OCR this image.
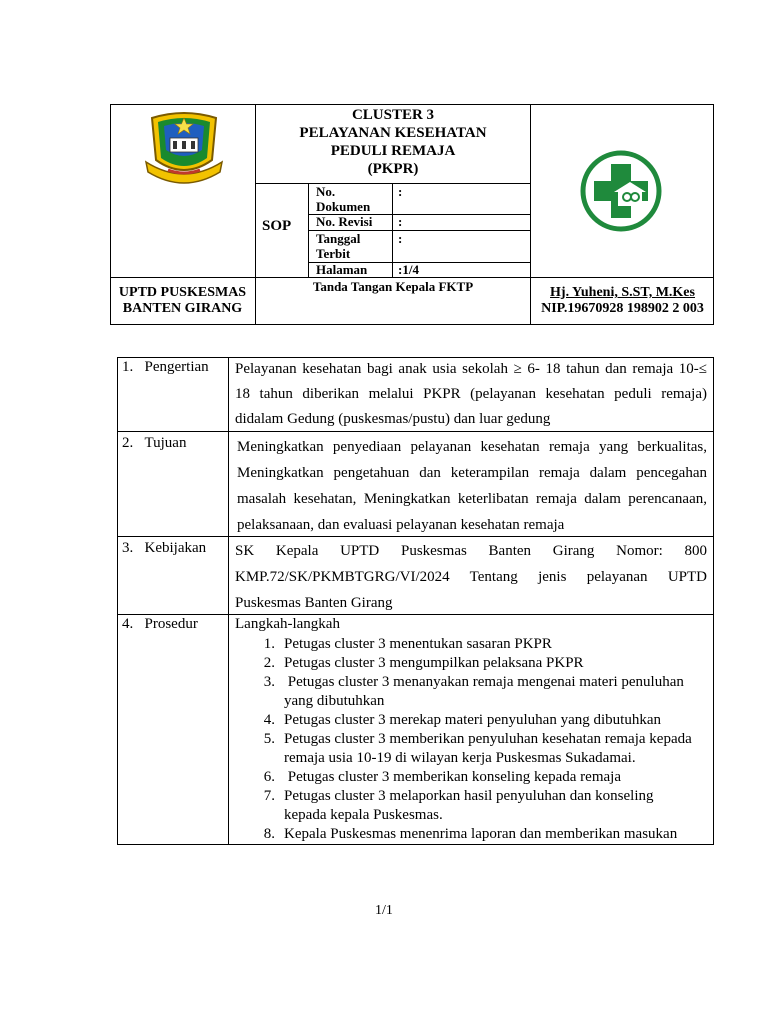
CLUSTER 3
PELAYANAN KESEHATAN
PEDULI REMAJA
(PKPR)
SOP
No.
Dokumen
:
No. Revisi :
Tanggal
Terbit
:
Halaman :1/4
UPTD PUSKESMAS
BANTEN GIRANG
Tanda Tangan Kepala FKTP	Hj. Yuheni, S.ST, M.Kes
NIP.19670928 198902 2 003
1.   Pengertian Pelayanan kesehatan bagi anak usia sekolah ≥ 6- 18 tahun dan remaja 10-≤
18 tahun diberikan melalui PKPR (pelayanan kesehatan peduli remaja)
didalam Gedung (puskesmas/pustu) dan luar gedung
2.   Tujuan	Meningkatkan penyediaan pelayanan kesehatan remaja yang berkualitas,
Meningkatkan pengetahuan dan keterampilan remaja dalam pencegahan
masalah kesehatan, Meningkatkan keterlibatan remaja dalam perencanaan,
pelaksanaan, dan evaluasi pelayanan kesehatan remaja
3.   Kebijakan SK Kepala UPTD Puskesmas Banten Girang Nomor: 800
KMP.72/SK/PKMBTGRG/VI/2024 Tentang jenis pelayanan UPTD
Puskesmas Banten Girang
4.   Prosedur Langkah-langkah
1. Petugas cluster 3 menentukan sasaran PKPR
2. Petugas cluster 3 mengumpilkan pelaksana PKPR
3. Petugas cluster 3 menanyakan remaja mengenai materi penuluhan
yang dibutuhkan
4. Petugas cluster 3 merekap materi penyuluhan yang dibutuhkan
5. Petugas cluster 3 memberikan penyuluhan kesehatan remaja kepada
remaja usia 10-19 di wilayan kerja Puskesmas Sukadamai.
6. Petugas cluster 3 memberikan konseling kepada remaja
7. Petugas cluster 3 melaporkan hasil penyuluhan dan konseling
kepada kepala Puskesmas.
8. Kepala Puskesmas menenrima laporan dan memberikan masukan
1/1
